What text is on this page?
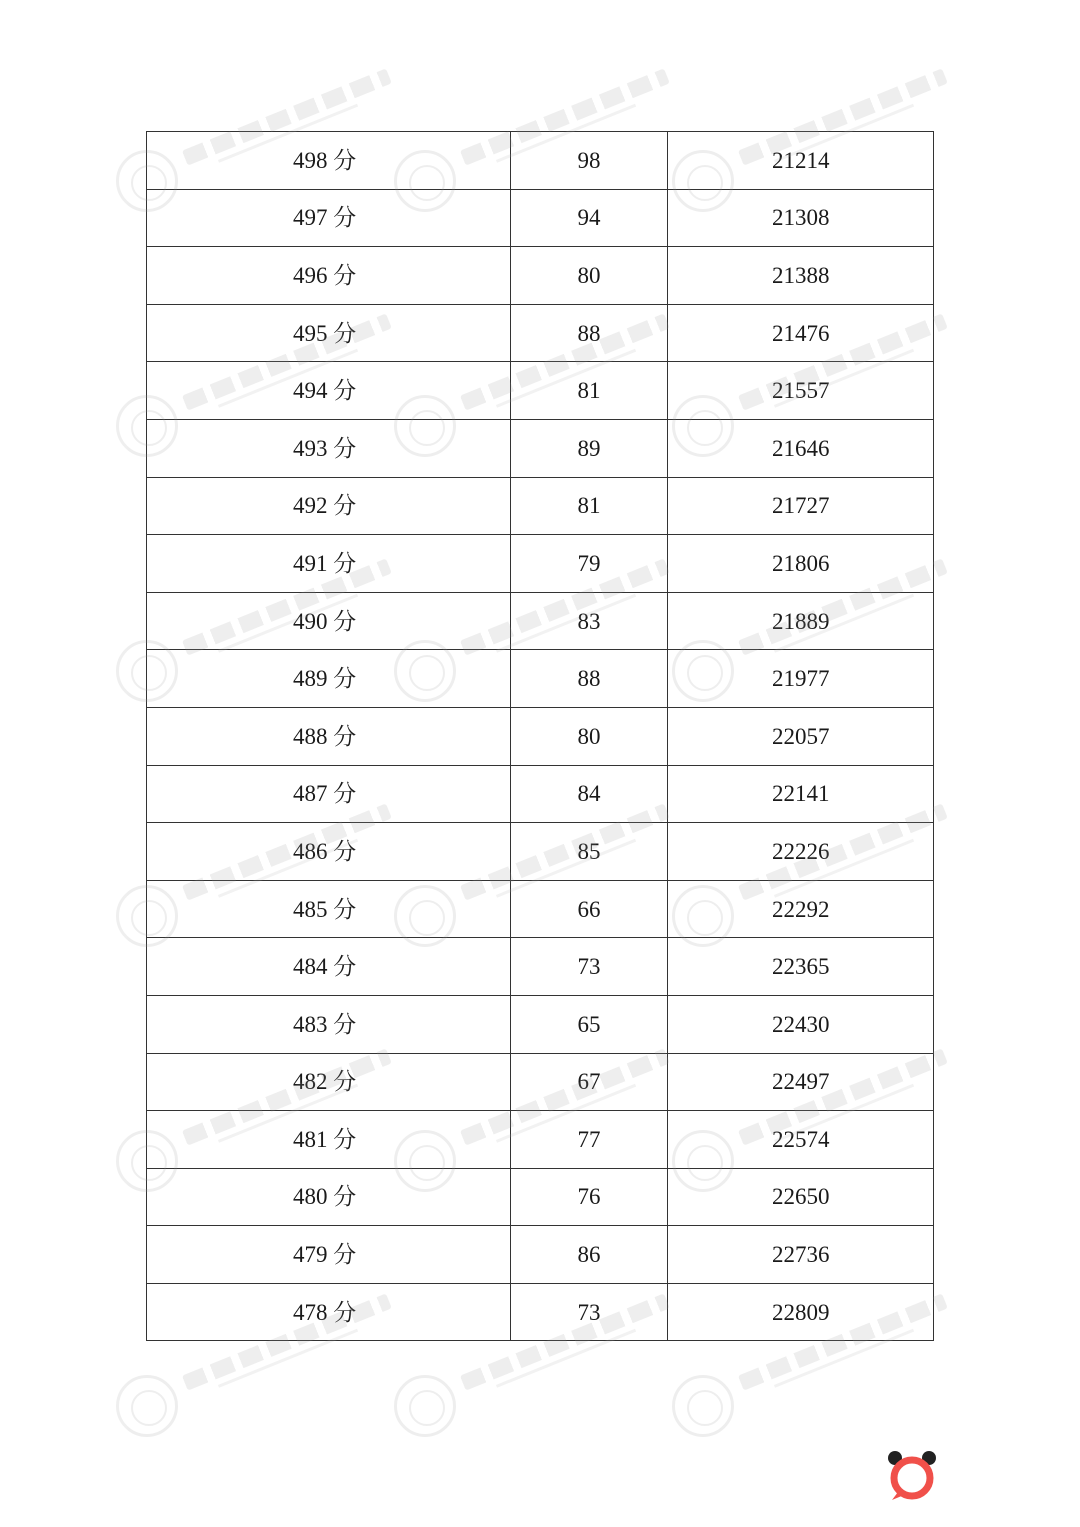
498 分	98	21214
497 分	94	21308
496 分	80	21388
495 分	88	21476
494 分	81	21557
493 分	89	21646
492 分	81	21727
491 分	79	21806
490 分	83	21889
489 分	88	21977
488 分	80	22057
487 分	84	22141
486 分	85	22226
485 分	66	22292
484 分	73	22365
483 分	65	22430
482 分	67	22497
481 分	77	22574
480 分	76	22650
479 分	86	22736
478 分	73	22809
